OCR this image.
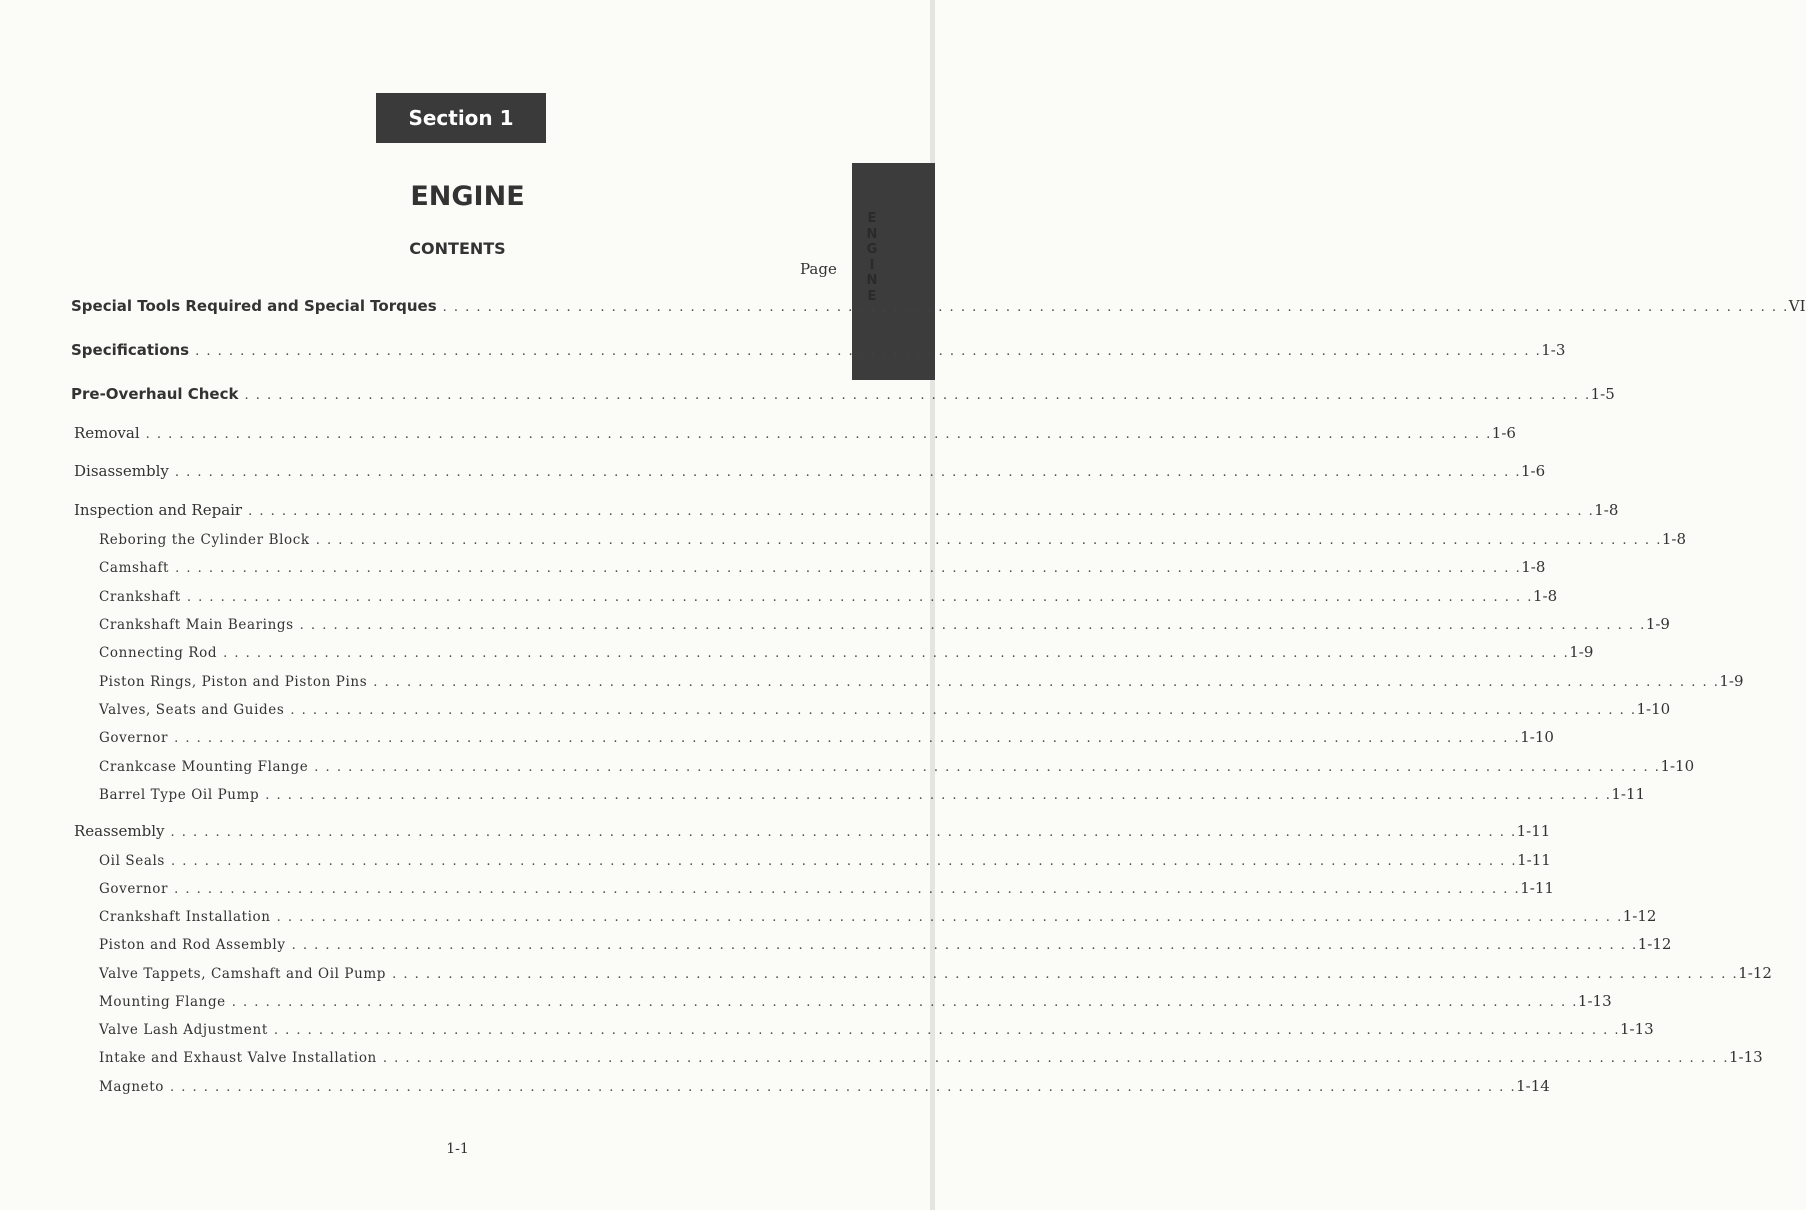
Section 1
ENGINE
CONTENTS
Page
E
N
G
I
N
E
Special Tools Required and Special Torques . . . . . . . . . . . . . . . . . . . . . . . . . . . . . . . . . . . . . . . . . . . . . . . . . . . . . . . . . . . . . . . . . . . . . . . . . . . . . . . . . . . . . . . . . . . . . . . . . . . . . . . . . . . . . . . . . . . . . . . . VI
Specifications . . . . . . . . . . . . . . . . . . . . . . . . . . . . . . . . . . . . . . . . . . . . . . . . . . . . . . . . . . . . . . . . . . . . . . . . . . . . . . . . . . . . . . . . . . . . . . . . . . . . . . . . . . . . . . . . . . . . . . . . 1-3
Pre-Overhaul Check . . . . . . . . . . . . . . . . . . . . . . . . . . . . . . . . . . . . . . . . . . . . . . . . . . . . . . . . . . . . . . . . . . . . . . . . . . . . . . . . . . . . . . . . . . . . . . . . . . . . . . . . . . . . . . . . . . . . . . . . 1-5
Removal . . . . . . . . . . . . . . . . . . . . . . . . . . . . . . . . . . . . . . . . . . . . . . . . . . . . . . . . . . . . . . . . . . . . . . . . . . . . . . . . . . . . . . . . . . . . . . . . . . . . . . . . . . . . . . . . . . . . . . . . 1-6
Disassembly . . . . . . . . . . . . . . . . . . . . . . . . . . . . . . . . . . . . . . . . . . . . . . . . . . . . . . . . . . . . . . . . . . . . . . . . . . . . . . . . . . . . . . . . . . . . . . . . . . . . . . . . . . . . . . . . . . . . . . . . 1-6
Inspection and Repair . . . . . . . . . . . . . . . . . . . . . . . . . . . . . . . . . . . . . . . . . . . . . . . . . . . . . . . . . . . . . . . . . . . . . . . . . . . . . . . . . . . . . . . . . . . . . . . . . . . . . . . . . . . . . . . . . . . . . . . . 1-8
Reboring the Cylinder Block . . . . . . . . . . . . . . . . . . . . . . . . . . . . . . . . . . . . . . . . . . . . . . . . . . . . . . . . . . . . . . . . . . . . . . . . . . . . . . . . . . . . . . . . . . . . . . . . . . . . . . . . . . . . . . . . . . . . . . . . 1-8
Camshaft . . . . . . . . . . . . . . . . . . . . . . . . . . . . . . . . . . . . . . . . . . . . . . . . . . . . . . . . . . . . . . . . . . . . . . . . . . . . . . . . . . . . . . . . . . . . . . . . . . . . . . . . . . . . . . . . . . . . . . . . 1-8
Crankshaft . . . . . . . . . . . . . . . . . . . . . . . . . . . . . . . . . . . . . . . . . . . . . . . . . . . . . . . . . . . . . . . . . . . . . . . . . . . . . . . . . . . . . . . . . . . . . . . . . . . . . . . . . . . . . . . . . . . . . . . . 1-8
Crankshaft Main Bearings . . . . . . . . . . . . . . . . . . . . . . . . . . . . . . . . . . . . . . . . . . . . . . . . . . . . . . . . . . . . . . . . . . . . . . . . . . . . . . . . . . . . . . . . . . . . . . . . . . . . . . . . . . . . . . . . . . . . . . . . 1-9
Connecting Rod . . . . . . . . . . . . . . . . . . . . . . . . . . . . . . . . . . . . . . . . . . . . . . . . . . . . . . . . . . . . . . . . . . . . . . . . . . . . . . . . . . . . . . . . . . . . . . . . . . . . . . . . . . . . . . . . . . . . . . . . 1-9
Piston Rings, Piston and Piston Pins . . . . . . . . . . . . . . . . . . . . . . . . . . . . . . . . . . . . . . . . . . . . . . . . . . . . . . . . . . . . . . . . . . . . . . . . . . . . . . . . . . . . . . . . . . . . . . . . . . . . . . . . . . . . . . . . . . . . . . . . 1-9
Valves, Seats and Guides . . . . . . . . . . . . . . . . . . . . . . . . . . . . . . . . . . . . . . . . . . . . . . . . . . . . . . . . . . . . . . . . . . . . . . . . . . . . . . . . . . . . . . . . . . . . . . . . . . . . . . . . . . . . . . . . . . . . . . . . 1-10
Governor . . . . . . . . . . . . . . . . . . . . . . . . . . . . . . . . . . . . . . . . . . . . . . . . . . . . . . . . . . . . . . . . . . . . . . . . . . . . . . . . . . . . . . . . . . . . . . . . . . . . . . . . . . . . . . . . . . . . . . . . 1-10
Crankcase Mounting Flange . . . . . . . . . . . . . . . . . . . . . . . . . . . . . . . . . . . . . . . . . . . . . . . . . . . . . . . . . . . . . . . . . . . . . . . . . . . . . . . . . . . . . . . . . . . . . . . . . . . . . . . . . . . . . . . . . . . . . . . . 1-10
Barrel Type Oil Pump . . . . . . . . . . . . . . . . . . . . . . . . . . . . . . . . . . . . . . . . . . . . . . . . . . . . . . . . . . . . . . . . . . . . . . . . . . . . . . . . . . . . . . . . . . . . . . . . . . . . . . . . . . . . . . . . . . . . . . . . 1-11
Reassembly . . . . . . . . . . . . . . . . . . . . . . . . . . . . . . . . . . . . . . . . . . . . . . . . . . . . . . . . . . . . . . . . . . . . . . . . . . . . . . . . . . . . . . . . . . . . . . . . . . . . . . . . . . . . . . . . . . . . . . . . 1-11
Oil Seals . . . . . . . . . . . . . . . . . . . . . . . . . . . . . . . . . . . . . . . . . . . . . . . . . . . . . . . . . . . . . . . . . . . . . . . . . . . . . . . . . . . . . . . . . . . . . . . . . . . . . . . . . . . . . . . . . . . . . . . . 1-11
Governor . . . . . . . . . . . . . . . . . . . . . . . . . . . . . . . . . . . . . . . . . . . . . . . . . . . . . . . . . . . . . . . . . . . . . . . . . . . . . . . . . . . . . . . . . . . . . . . . . . . . . . . . . . . . . . . . . . . . . . . . 1-11
Crankshaft Installation . . . . . . . . . . . . . . . . . . . . . . . . . . . . . . . . . . . . . . . . . . . . . . . . . . . . . . . . . . . . . . . . . . . . . . . . . . . . . . . . . . . . . . . . . . . . . . . . . . . . . . . . . . . . . . . . . . . . . . . . 1-12
Piston and Rod Assembly . . . . . . . . . . . . . . . . . . . . . . . . . . . . . . . . . . . . . . . . . . . . . . . . . . . . . . . . . . . . . . . . . . . . . . . . . . . . . . . . . . . . . . . . . . . . . . . . . . . . . . . . . . . . . . . . . . . . . . . . 1-12
Valve Tappets, Camshaft and Oil Pump . . . . . . . . . . . . . . . . . . . . . . . . . . . . . . . . . . . . . . . . . . . . . . . . . . . . . . . . . . . . . . . . . . . . . . . . . . . . . . . . . . . . . . . . . . . . . . . . . . . . . . . . . . . . . . . . . . . . . . . . 1-12
Mounting Flange . . . . . . . . . . . . . . . . . . . . . . . . . . . . . . . . . . . . . . . . . . . . . . . . . . . . . . . . . . . . . . . . . . . . . . . . . . . . . . . . . . . . . . . . . . . . . . . . . . . . . . . . . . . . . . . . . . . . . . . . 1-13
Valve Lash Adjustment . . . . . . . . . . . . . . . . . . . . . . . . . . . . . . . . . . . . . . . . . . . . . . . . . . . . . . . . . . . . . . . . . . . . . . . . . . . . . . . . . . . . . . . . . . . . . . . . . . . . . . . . . . . . . . . . . . . . . . . . 1-13
Intake and Exhaust Valve Installation . . . . . . . . . . . . . . . . . . . . . . . . . . . . . . . . . . . . . . . . . . . . . . . . . . . . . . . . . . . . . . . . . . . . . . . . . . . . . . . . . . . . . . . . . . . . . . . . . . . . . . . . . . . . . . . . . . . . . . . . 1-13
Magneto . . . . . . . . . . . . . . . . . . . . . . . . . . . . . . . . . . . . . . . . . . . . . . . . . . . . . . . . . . . . . . . . . . . . . . . . . . . . . . . . . . . . . . . . . . . . . . . . . . . . . . . . . . . . . . . . . . . . . . . . 1-14
1-1
